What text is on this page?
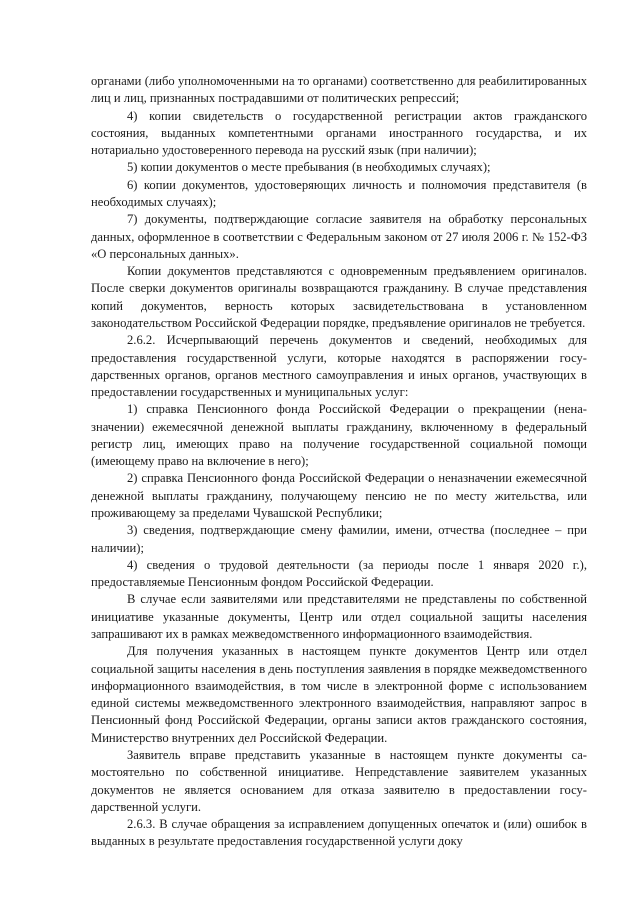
органами (либо уполномоченными на то органами) соответственно для реабилитированных лиц и лиц, признанных пострадавшими от политических репрессий;

4) копии свидетельств о государственной регистрации актов гражданского состояния, выданных компетентными органами иностранного государства, и их нотариально удостоверенного перевода на русский язык (при наличии);

5) копии документов о месте пребывания (в необходимых случаях);

6) копии документов, удостоверяющих личность и полномочия представителя (в необходимых случаях);

7) документы, подтверждающие согласие заявителя на обработку персональных данных, оформленное в соответствии с Федеральным законом от 27 июля 2006 г. № 152-ФЗ «О персональных данных».

Копии документов представляются с одновременным предъявлением оригиналов. После сверки документов оригиналы возвращаются гражданину. В случае представления копий документов, верность которых засвидетельствована в установленном законодательством Российской Федерации порядке, предъявление оригиналов не требуется.

2.6.2. Исчерпывающий перечень документов и сведений, необходимых для предоставления государственной услуги, которые находятся в распоряжении государственных органов, органов местного самоуправления и иных органов, участвующих в предоставлении государственных и муниципальных услуг:

1) справка Пенсионного фонда Российской Федерации о прекращении (неназначении) ежемесячной денежной выплаты гражданину, включенному в федеральный регистр лиц, имеющих право на получение государственной социальной помощи (имеющему право на включение в него);

2) справка Пенсионного фонда Российской Федерации о неназначении ежемесячной денежной выплаты гражданину, получающему пенсию не по месту жительства, или проживающему за пределами Чувашской Республики;

3) сведения, подтверждающие смену фамилии, имени, отчества (последнее – при наличии);

4) сведения о трудовой деятельности (за периоды после 1 января 2020 г.), предоставляемые Пенсионным фондом Российской Федерации.

В случае если заявителями или представителями не представлены по собственной инициативе указанные документы, Центр или отдел социальной защиты населения запрашивают их в рамках межведомственного информационного взаимодействия.

Для получения указанных в настоящем пункте документов Центр или отдел социальной защиты населения в день поступления заявления в порядке межведомственного информационного взаимодействия, в том числе в электронной форме с использованием единой системы межведомственного электронного взаимодействия, направляют запрос в Пенсионный фонд Российской Федерации, органы записи актов гражданского состояния, Министерство внутренних дел Российской Федерации.

Заявитель вправе представить указанные в настоящем пункте документы самостоятельно по собственной инициативе. Непредставление заявителем указанных документов не является основанием для отказа заявителю в предоставлении государственной услуги.

2.6.3. В случае обращения за исправлением допущенных опечаток и (или) ошибок в выданных в результате предоставления государственной услуги доку
